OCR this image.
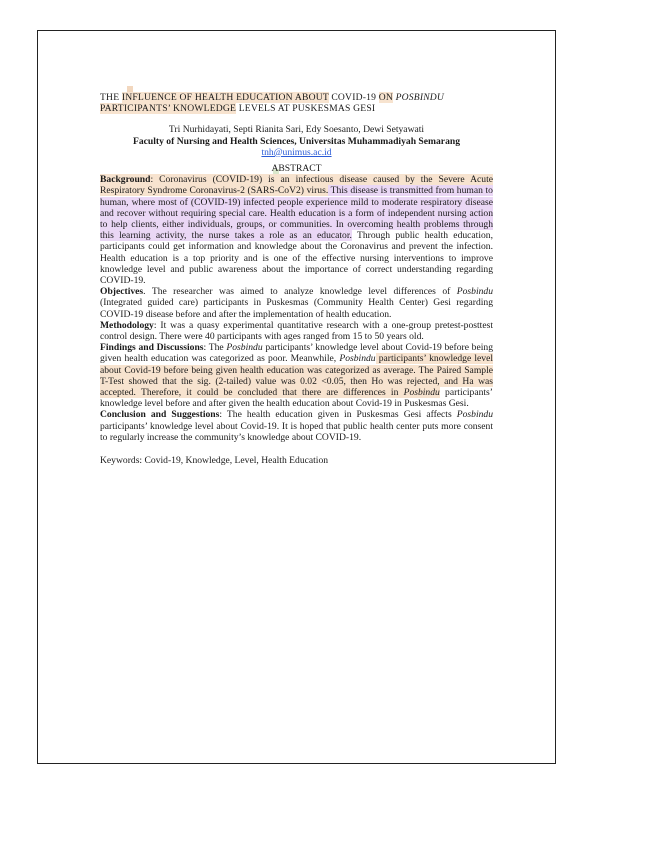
THE INFLUENCE OF HEALTH EDUCATION ABOUT COVID-19 ON POSBINDU
PARTICIPANTS’ KNOWLEDGE LEVELS AT PUSKESMAS GESI
Tri Nurhidayati, Septi Rianita Sari, Edy Soesanto, Dewi Setyawati
Faculty of Nursing and Health Sciences, Universitas Muhammadiyah Semarang
tnh@unimus.ac.id
ABSTRACT

Background: Coronavirus (COVID-19) is an infectious disease caused by the Severe Acute Respiratory Syndrome Coronavirus-2 (SARS-CoV2) virus. This disease is transmitted from human to human, where most of (COVID-19) infected people experience mild to moderate respiratory disease and recover without requiring special care. Health education is a form of independent nursing action to help clients, either individuals, groups, or communities. In overcoming health problems through this learning activity, the nurse takes a role as an educator. Through public health education, participants could get information and knowledge about the Coronavirus and prevent the infection. Health education is a top priority and is one of the effective nursing interventions to improve knowledge level and public awareness about the importance of correct understanding regarding COVID-19.

Objectives. The researcher was aimed to analyze knowledge level differences of Posbindu (Integrated guided care) participants in Puskesmas (Community Health Center) Gesi regarding COVID-19 disease before and after the implementation of health education.

Methodology: It was a quasy experimental quantitative research with a one-group pretest-posttest control design. There were 40 participants with ages ranged from 15 to 50 years old.

Findings and Discussions: The Posbindu participants’ knowledge level about Covid-19 before being given health education was categorized as poor. Meanwhile, Posbindu participants’ knowledge level about Covid-19 before being given health education was categorized as average. The Paired Sample T-Test showed that the sig. (2-tailed) value was 0.02 <0.05, then Ho was rejected, and Ha was accepted. Therefore, it could be concluded that there are differences in Posbindu participants’ knowledge level before and after given the health education about Covid-19 in Puskesmas Gesi.

Conclusion and Suggestions: The health education given in Puskesmas Gesi affects Posbindu participants’ knowledge level about Covid-19. It is hoped that public health center puts more consent to regularly increase the community’s knowledge about COVID-19.

Keywords: Covid-19, Knowledge, Level, Health Education
